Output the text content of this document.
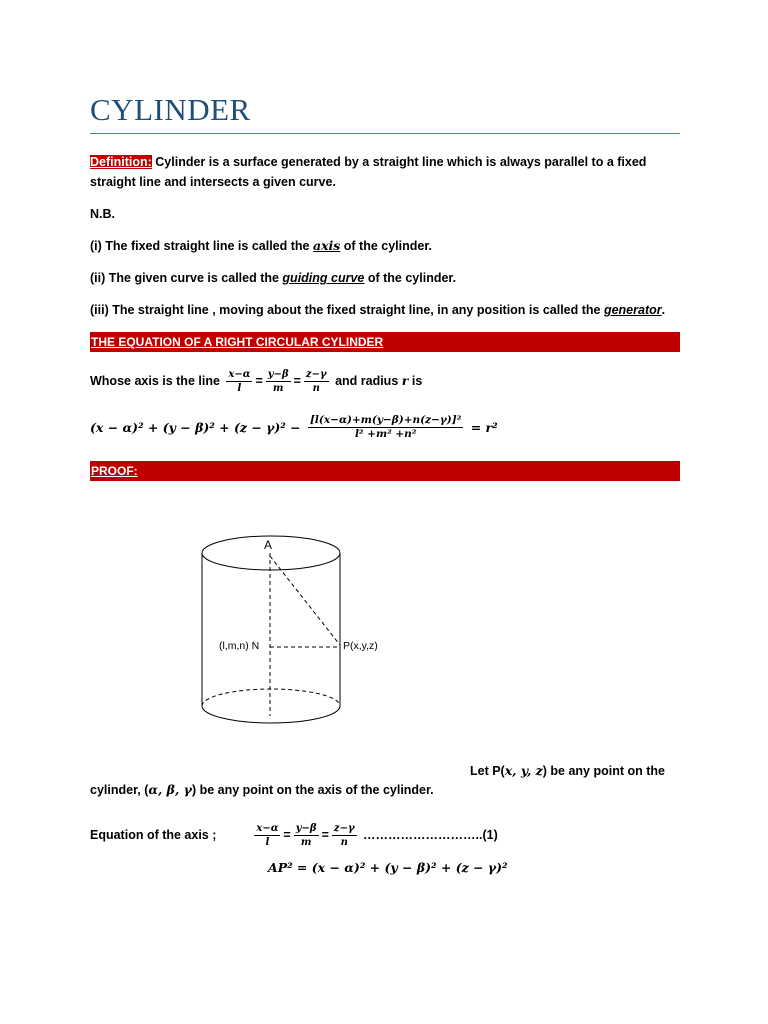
CYLINDER
Definition: Cylinder is a surface generated by a straight line which is always parallel to a fixed straight line and intersects a given curve.
N.B.
(i) The fixed straight line is called the axis of the cylinder.
(ii) The given curve is called the guiding curve of the cylinder.
(iii) The straight line , moving about the fixed straight line, in any position is called the generator.
THE EQUATION OF A RIGHT CIRCULAR CYLINDER
Whose axis is the line $\frac{x-\alpha}{l} = \frac{y-\beta}{m} = \frac{z-\gamma}{n}$ and radius r is
$(x - \alpha)^2 + (y - \beta)^2 + (z - \gamma)^2 - \frac{\text{[l(x−α)+m(y−β)+n(z−γ)]²}}{\text{l² +m² +n²}} = r^2$
PROOF:
A
(l,m,n) N	P(x,y,z)
Let P(x, y, z) be any point on the
cylinder, (α, β, γ) be any point on the axis of the cylinder.
Equation of the axis ;	$\frac{x-\alpha}{l} = \frac{y-\beta}{m} = \frac{z-\gamma}{n}$ ………………………..(1)
AP² = (x − α)² + (y − β)² + (z − γ)²
